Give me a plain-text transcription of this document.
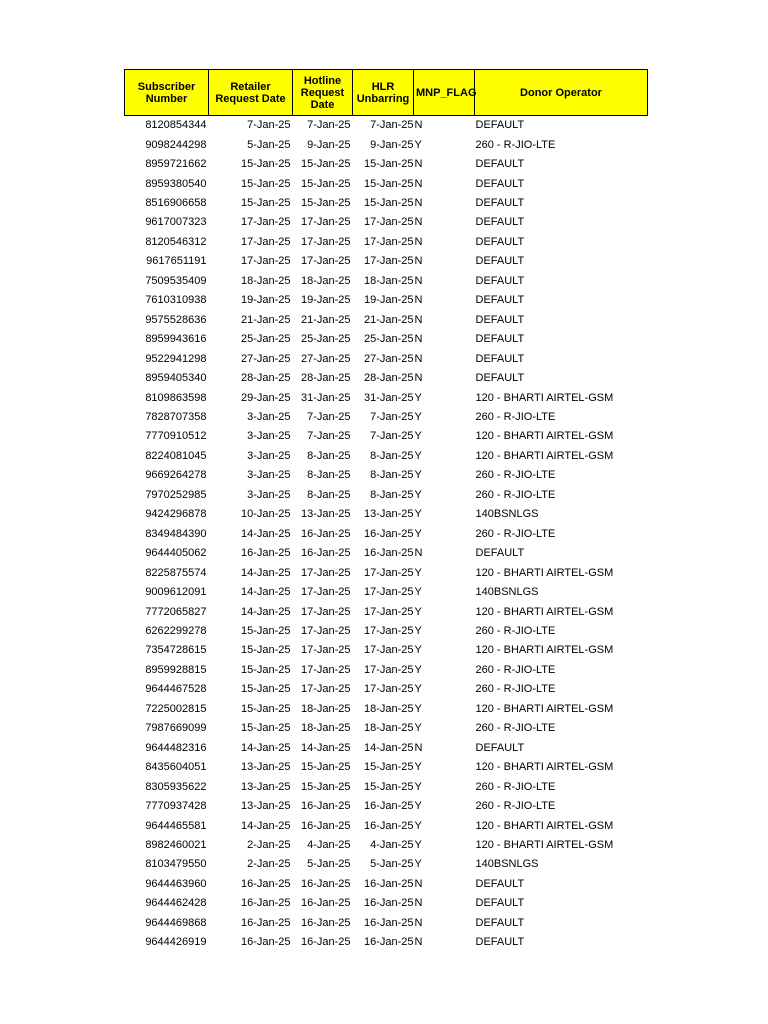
Subscriber Number	Retailer Request Date	Hotline Request Date	HLR Unbarring	MNP_FLAG	Donor Operator
8120854344	7-Jan-25	7-Jan-25	7-Jan-25	N	DEFAULT
9098244298	5-Jan-25	9-Jan-25	9-Jan-25	Y	260 - R-JIO-LTE
8959721662	15-Jan-25	15-Jan-25	15-Jan-25	N	DEFAULT
8959380540	15-Jan-25	15-Jan-25	15-Jan-25	N	DEFAULT
8516906658	15-Jan-25	15-Jan-25	15-Jan-25	N	DEFAULT
9617007323	17-Jan-25	17-Jan-25	17-Jan-25	N	DEFAULT
8120546312	17-Jan-25	17-Jan-25	17-Jan-25	N	DEFAULT
9617651191	17-Jan-25	17-Jan-25	17-Jan-25	N	DEFAULT
7509535409	18-Jan-25	18-Jan-25	18-Jan-25	N	DEFAULT
7610310938	19-Jan-25	19-Jan-25	19-Jan-25	N	DEFAULT
9575528636	21-Jan-25	21-Jan-25	21-Jan-25	N	DEFAULT
8959943616	25-Jan-25	25-Jan-25	25-Jan-25	N	DEFAULT
9522941298	27-Jan-25	27-Jan-25	27-Jan-25	N	DEFAULT
8959405340	28-Jan-25	28-Jan-25	28-Jan-25	N	DEFAULT
8109863598	29-Jan-25	31-Jan-25	31-Jan-25	Y	120 - BHARTI AIRTEL-GSM
7828707358	3-Jan-25	7-Jan-25	7-Jan-25	Y	260 - R-JIO-LTE
7770910512	3-Jan-25	7-Jan-25	7-Jan-25	Y	120 - BHARTI AIRTEL-GSM
8224081045	3-Jan-25	8-Jan-25	8-Jan-25	Y	120 - BHARTI AIRTEL-GSM
9669264278	3-Jan-25	8-Jan-25	8-Jan-25	Y	260 - R-JIO-LTE
7970252985	3-Jan-25	8-Jan-25	8-Jan-25	Y	260 - R-JIO-LTE
9424296878	10-Jan-25	13-Jan-25	13-Jan-25	Y	140BSNLGS
8349484390	14-Jan-25	16-Jan-25	16-Jan-25	Y	260 - R-JIO-LTE
9644405062	16-Jan-25	16-Jan-25	16-Jan-25	N	DEFAULT
8225875574	14-Jan-25	17-Jan-25	17-Jan-25	Y	120 - BHARTI AIRTEL-GSM
9009612091	14-Jan-25	17-Jan-25	17-Jan-25	Y	140BSNLGS
7772065827	14-Jan-25	17-Jan-25	17-Jan-25	Y	120 - BHARTI AIRTEL-GSM
6262299278	15-Jan-25	17-Jan-25	17-Jan-25	Y	260 - R-JIO-LTE
7354728615	15-Jan-25	17-Jan-25	17-Jan-25	Y	120 - BHARTI AIRTEL-GSM
8959928815	15-Jan-25	17-Jan-25	17-Jan-25	Y	260 - R-JIO-LTE
9644467528	15-Jan-25	17-Jan-25	17-Jan-25	Y	260 - R-JIO-LTE
7225002815	15-Jan-25	18-Jan-25	18-Jan-25	Y	120 - BHARTI AIRTEL-GSM
7987669099	15-Jan-25	18-Jan-25	18-Jan-25	Y	260 - R-JIO-LTE
9644482316	14-Jan-25	14-Jan-25	14-Jan-25	N	DEFAULT
8435604051	13-Jan-25	15-Jan-25	15-Jan-25	Y	120 - BHARTI AIRTEL-GSM
8305935622	13-Jan-25	15-Jan-25	15-Jan-25	Y	260 - R-JIO-LTE
7770937428	13-Jan-25	16-Jan-25	16-Jan-25	Y	260 - R-JIO-LTE
9644465581	14-Jan-25	16-Jan-25	16-Jan-25	Y	120 - BHARTI AIRTEL-GSM
8982460021	2-Jan-25	4-Jan-25	4-Jan-25	Y	120 - BHARTI AIRTEL-GSM
8103479550	2-Jan-25	5-Jan-25	5-Jan-25	Y	140BSNLGS
9644463960	16-Jan-25	16-Jan-25	16-Jan-25	N	DEFAULT
9644462428	16-Jan-25	16-Jan-25	16-Jan-25	N	DEFAULT
9644469868	16-Jan-25	16-Jan-25	16-Jan-25	N	DEFAULT
9644426919	16-Jan-25	16-Jan-25	16-Jan-25	N	DEFAULT
